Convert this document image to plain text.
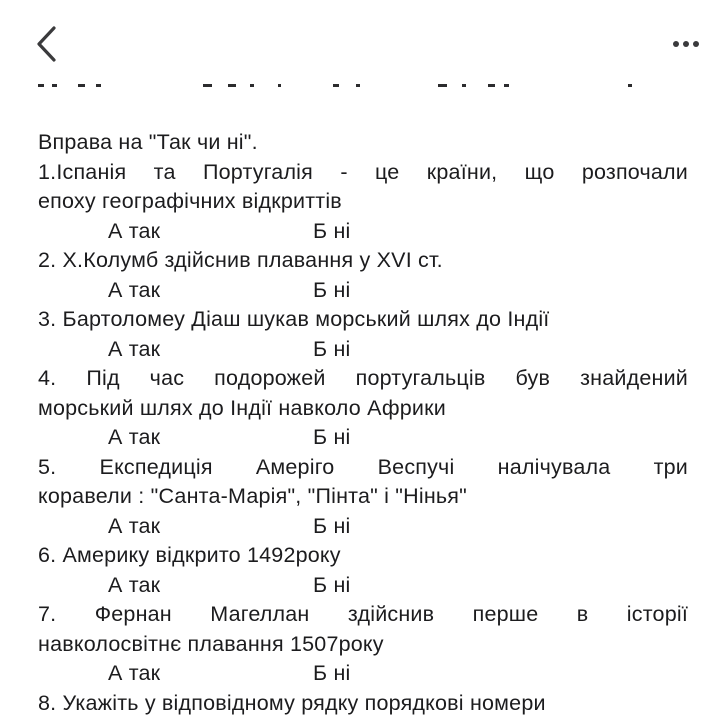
Вправа на "Так чи ні".
1.Іспанія та Португалія - це країни, що розпочали
епоху географічних відкриттів
А так	Б ні
2. Х.Колумб здійснив плавання у XVI ст.
А так	Б ні
3. Бартоломеу Діаш шукав морський шлях до Індії
А так	Б ні
4. Під час подорожей португальців був знайдений
морський шлях до Індії навколо Африки
А так	Б ні
5. Експедиція Амеріго Веспучі налічувала три
коравели : "Санта-Марія", "Пінта" і "Нінья"
А так	Б ні
6. Америку відкрито 1492року
А так	Б ні
7. Фернан Магеллан здійснив перше в історії
навколосвітнє плавання 1507року
А так	Б ні
8. Укажіть у відповідному рядку порядкові номери
